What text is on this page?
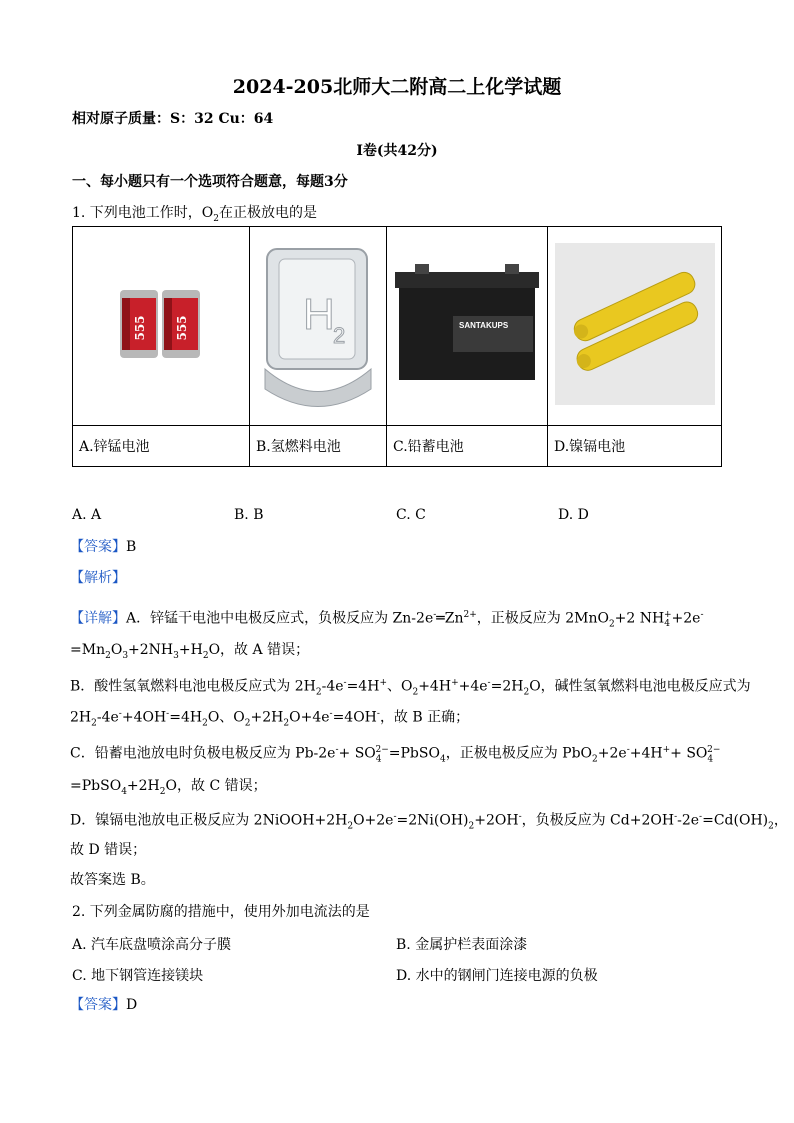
2024-205北师大二附高二上化学试题
相对原子质量：S：32 Cu：64
I卷(共42分)
一、每小题只有一个选项符合题意，每题3分
1. 下列电池工作时，$O_2$在正极放电的是
555 555	H
2	SANTAKUPS

A.锌锰电池	B.氢燃料电池	C.铅蓄电池	D.镍镉电池
A. A	B. B	C. C	D. D
【答案】B
【解析】
【详解】A．锌锰干电池中电极反应式，负极反应为 $Zn-2e^-═Zn^{2+}$，正极反应为 2MnO$_2$+2 $NH_4^++2e^-$
$=Mn_2O_3+2NH_3+H_2O$，故 A 错误；
B．酸性氢氧燃料电池电极反应式为 $2H_2-4e^-=4H^+$、$O_2+4H^++4e^-=2H_2O$，碱性氢氧燃料电池电极反应式为
$2H_2-4e^-+4OH^-=4H_2O$、$O_2+2H_2O+4e^-=4OH^-$，故 B 正确；
C．铅蓄电池放电时负极电极反应为 $Pb-2e^-+ SO_4^{2-}=PbSO_4$，正极电极反应为 $PbO_2+2e^-+4H^++ SO_4^{2-}$
$=PbSO_4+2H_2O$，故 C 错误；
D．镍镉电池放电正极反应为 $2NiOOH+2H_2O+2e^-=2Ni(OH)_2+2OH^-$，负极反应为 $Cd+2OH^--2e^-=Cd(OH)_2$，
故 D 错误；
故答案选 B。
2. 下列金属防腐的措施中，使用外加电流法的是
A. 汽车底盘喷涂高分子膜	B. 金属护栏表面涂漆
C. 地下钢管连接镁块	D. 水中的钢闸门连接电源的负极
【答案】D
